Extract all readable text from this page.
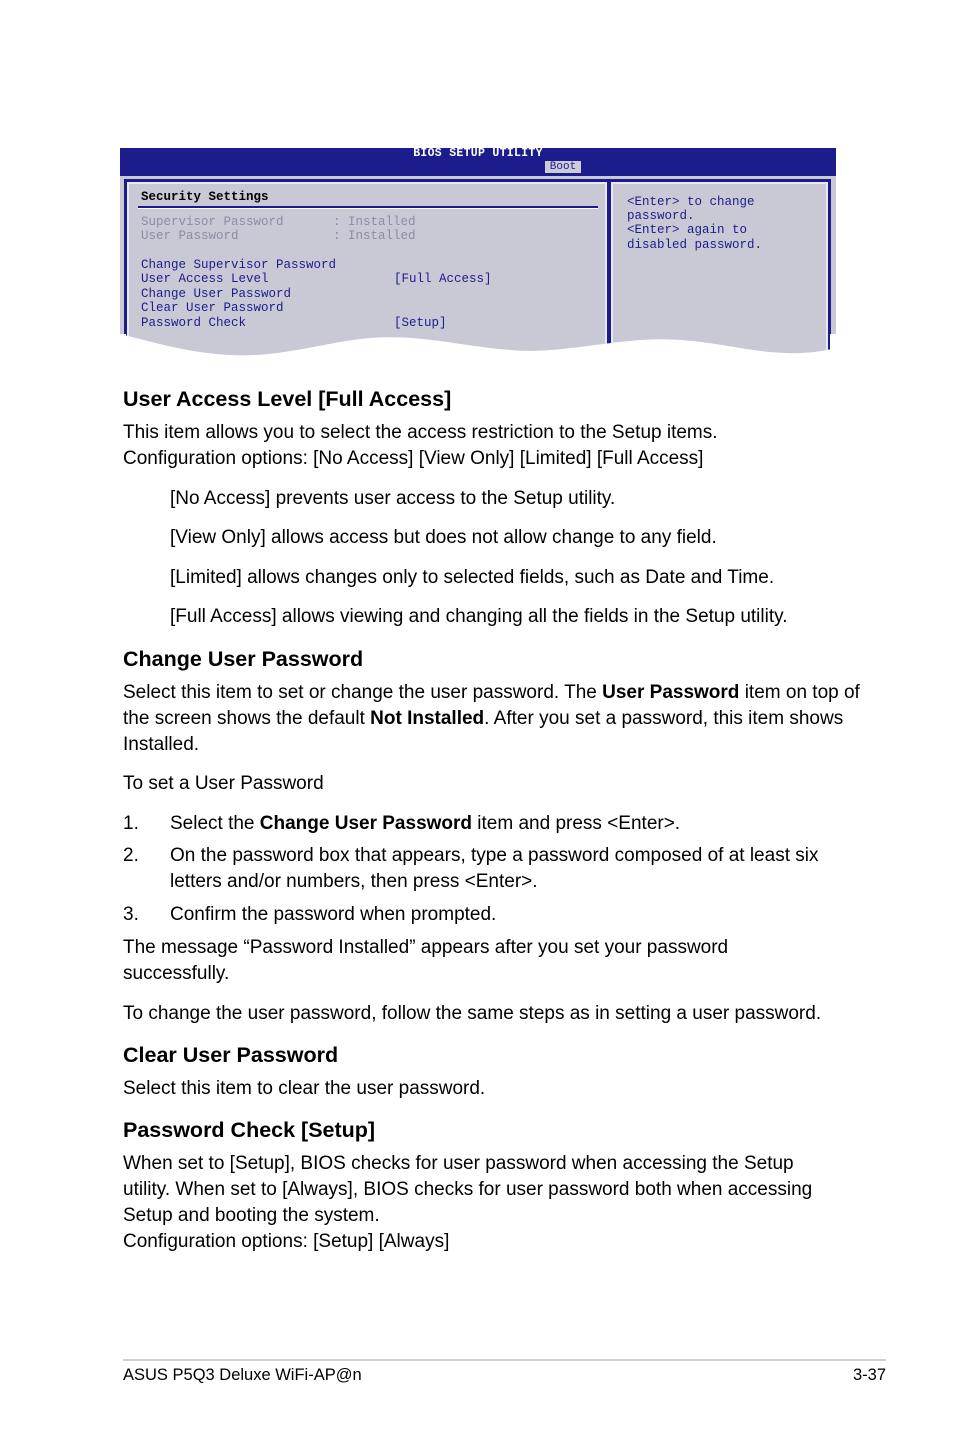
BIOS SETUP UTILITY
Boot
Security Settings
Supervisor Password	: Installed
User Password	: Installed
Change Supervisor Password
User Access Level	[Full Access]
Change User Password
Clear User Password
Password Check	[Setup]
<Enter> to change
password.
<Enter> again to
disabled password.
User Access Level [Full Access]
This item allows you to select the access restriction to the Setup items.
Configuration options: [No Access] [View Only] [Limited] [Full Access]
[No Access] prevents user access to the Setup utility.
[View Only] allows access but does not allow change to any field.
[Limited] allows changes only to selected fields, such as Date and Time.
[Full Access] allows viewing and changing all the fields in the Setup utility.
Change User Password
Select this item to set or change the user password. The User Password item on top of the screen shows the default Not Installed. After you set a password, this item shows Installed.
To set a User Password
1. Select the Change User Password item and press <Enter>.
2. On the password box that appears, type a password composed of at least six letters and/or numbers, then press <Enter>.
3. Confirm the password when prompted.
The message “Password Installed” appears after you set your password successfully.
To change the user password, follow the same steps as in setting a user password.
Clear User Password
Select this item to clear the user password.
Password Check [Setup]
When set to [Setup], BIOS checks for user password when accessing the Setup utility. When set to [Always], BIOS checks for user password both when accessing Setup and booting the system.
Configuration options: [Setup] [Always]
ASUS P5Q3 Deluxe WiFi-AP@n	3-37
